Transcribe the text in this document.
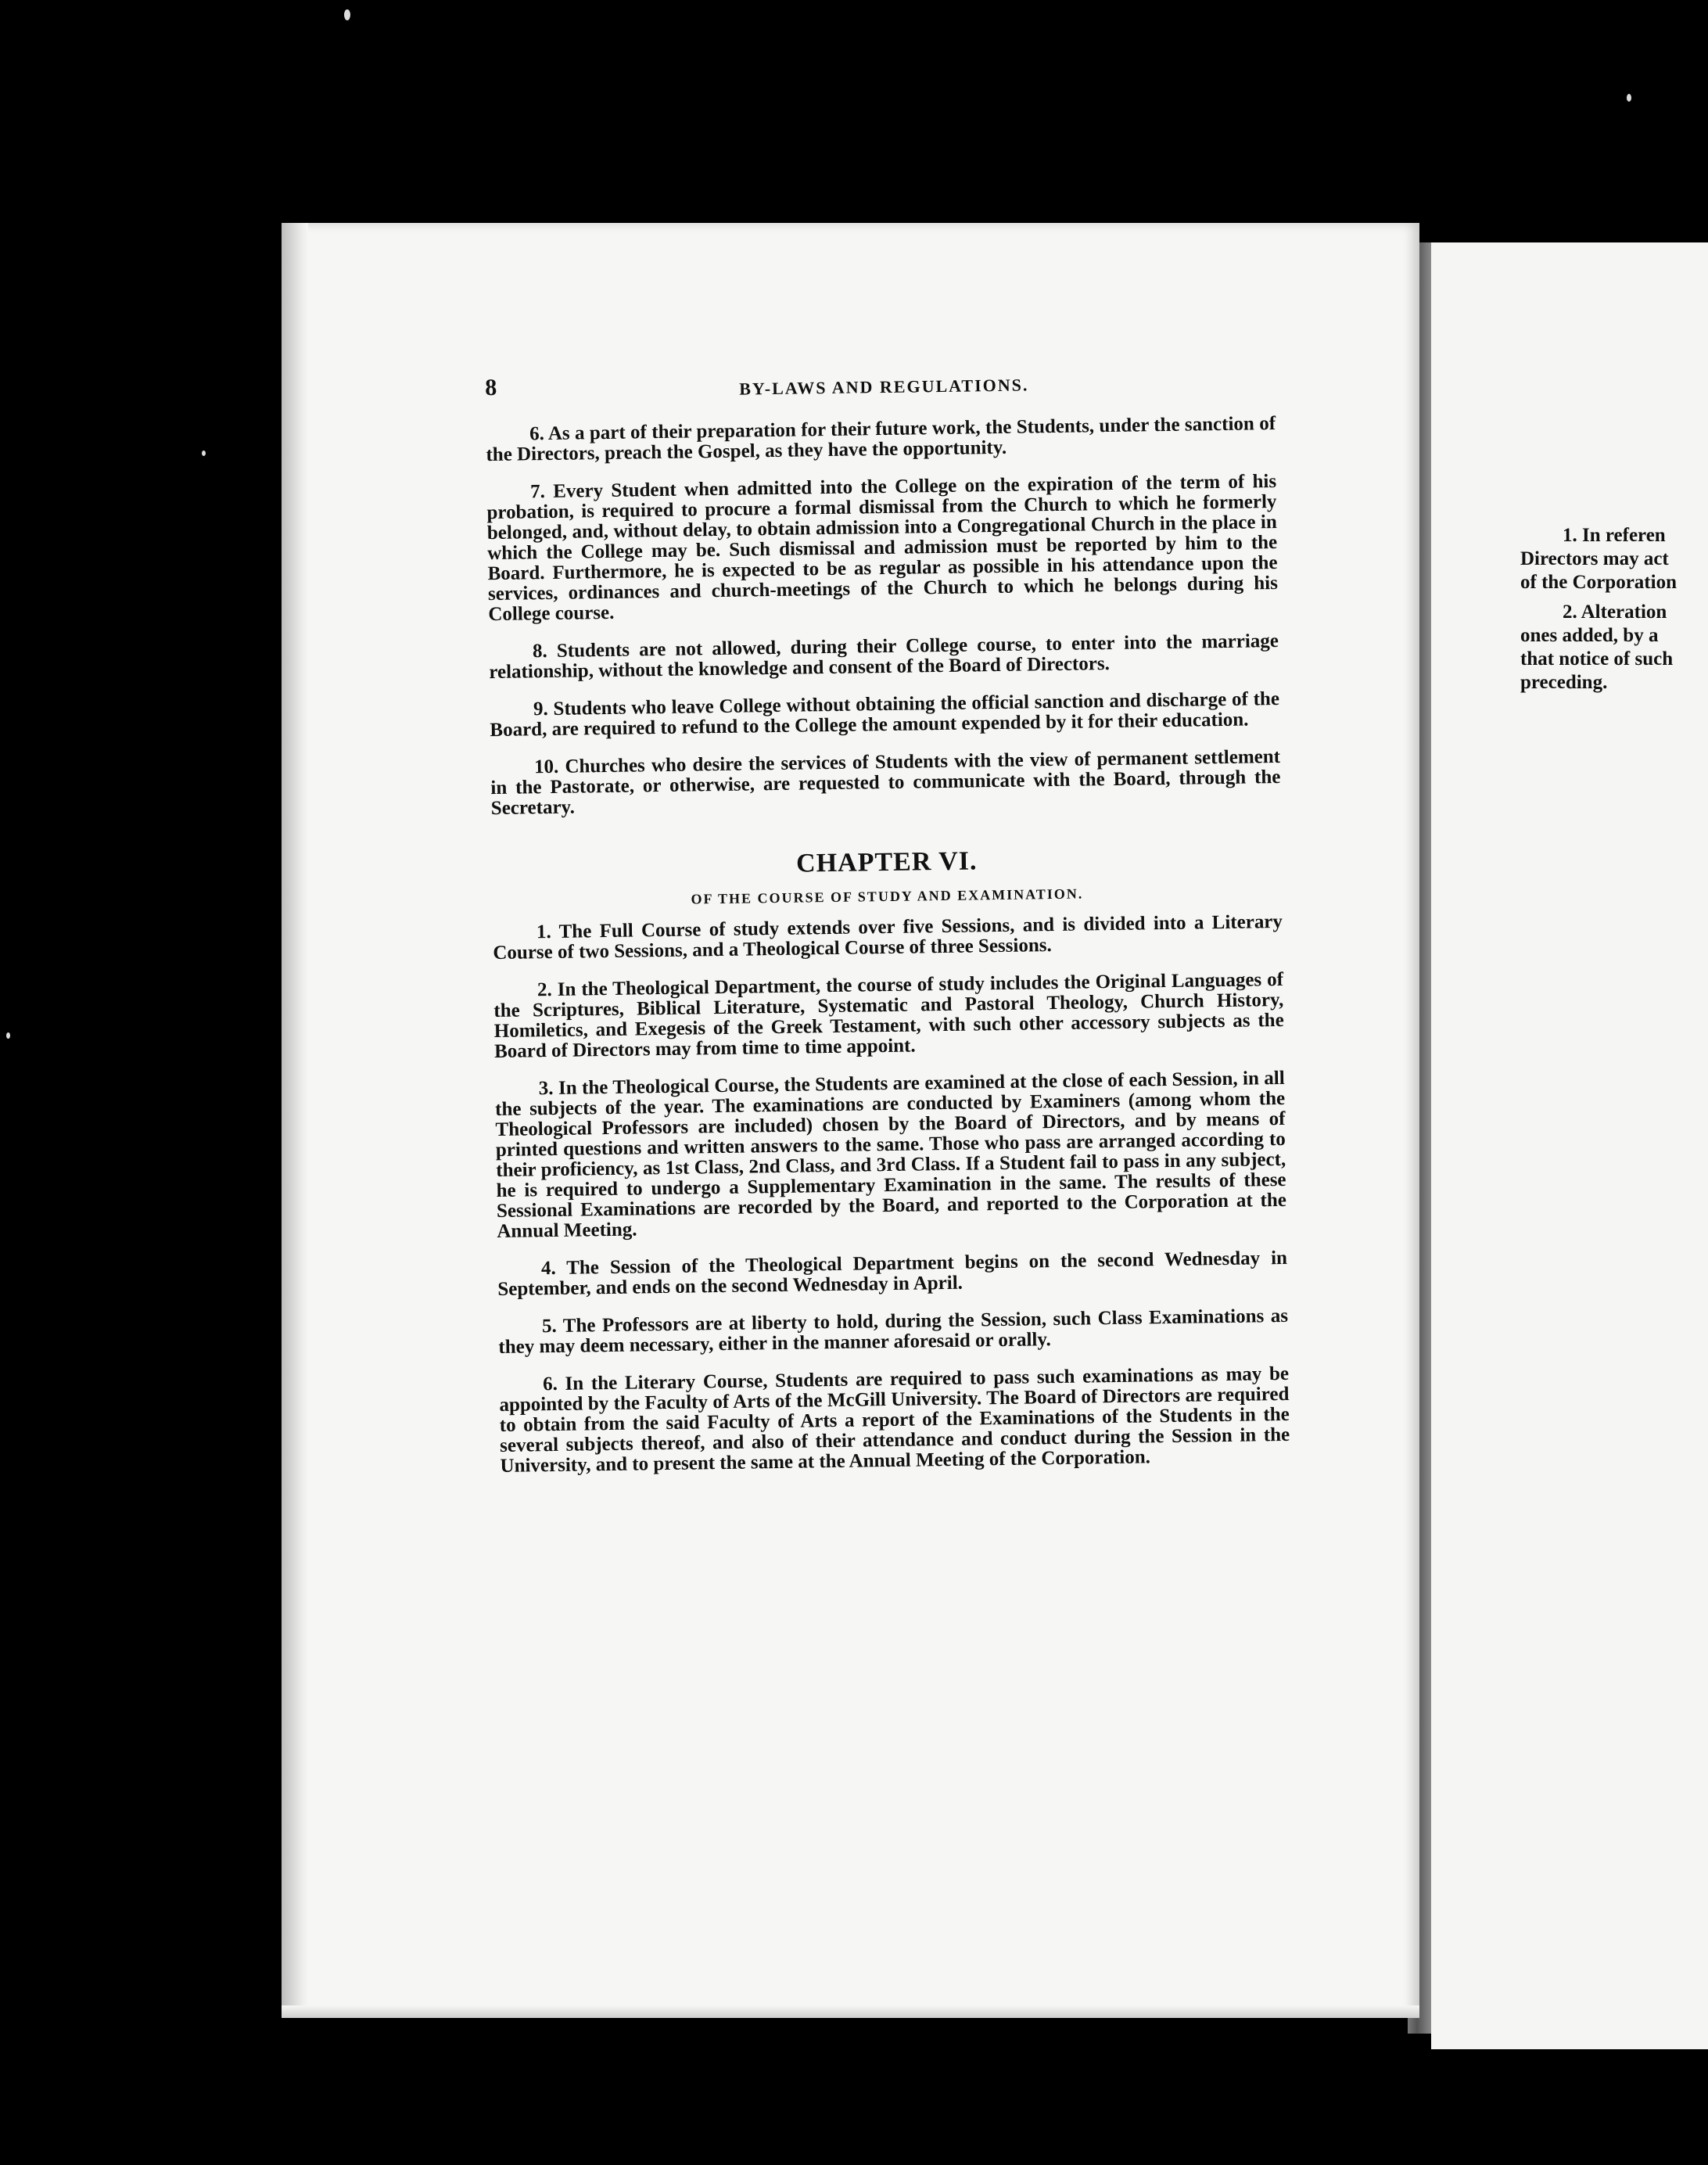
8	BY-LAWS AND REGULATIONS.

6. As a part of their preparation for their future work, the Students, under the sanction of the Directors, preach the Gospel, as they have the opportunity.

7. Every Student when admitted into the College on the expiration of the term of his probation, is required to procure a formal dismissal from the Church to which he formerly belonged, and, without delay, to obtain admission into a Congregational Church in the place in which the College may be. Such dismissal and admission must be reported by him to the Board. Furthermore, he is expected to be as regular as possible in his attendance upon the services, ordinances and church-meetings of the Church to which he belongs during his College course.

8. Students are not allowed, during their College course, to enter into the marriage relationship, without the knowledge and consent of the Board of Directors.

9. Students who leave College without obtaining the official sanction and discharge of the Board, are required to refund to the College the amount expended by it for their education.

10. Churches who desire the services of Students with the view of permanent settlement in the Pastorate, or otherwise, are requested to communicate with the Board, through the Secretary.

CHAPTER VI.
OF THE COURSE OF STUDY AND EXAMINATION.

1. The Full Course of study extends over five Sessions, and is divided into a Literary Course of two Sessions, and a Theological Course of three Sessions.

2. In the Theological Department, the course of study includes the Original Languages of the Scriptures, Biblical Literature, Systematic and Pastoral Theology, Church History, Homiletics, and Exegesis of the Greek Testament, with such other accessory subjects as the Board of Directors may from time to time appoint.

3. In the Theological Course, the Students are examined at the close of each Session, in all the subjects of the year. The examinations are conducted by Examiners (among whom the Theological Professors are included) chosen by the Board of Directors, and by means of printed questions and written answers to the same. Those who pass are arranged according to their proficiency, as 1st Class, 2nd Class, and 3rd Class. If a Student fail to pass in any subject, he is required to undergo a Supplementary Examination in the same. The results of these Sessional Examinations are recorded by the Board, and reported to the Corporation at the Annual Meeting.

4. The Session of the Theological Department begins on the second Wednesday in September, and ends on the second Wednesday in April.

5. The Professors are at liberty to hold, during the Session, such Class Examinations as they may deem necessary, either in the manner aforesaid or orally.

6. In the Literary Course, Students are required to pass such examinations as may be appointed by the Faculty of Arts of the McGill University. The Board of Directors are required to obtain from the said Faculty of Arts a report of the Examinations of the Students in the several subjects thereof, and also of their attendance and conduct during the Session in the University, and to present the same at the Annual Meeting of the Corporation.

1. In referen
Directors may act
of the Corporation
2. Alteration
ones added, by a
that notice of such
preceding.
